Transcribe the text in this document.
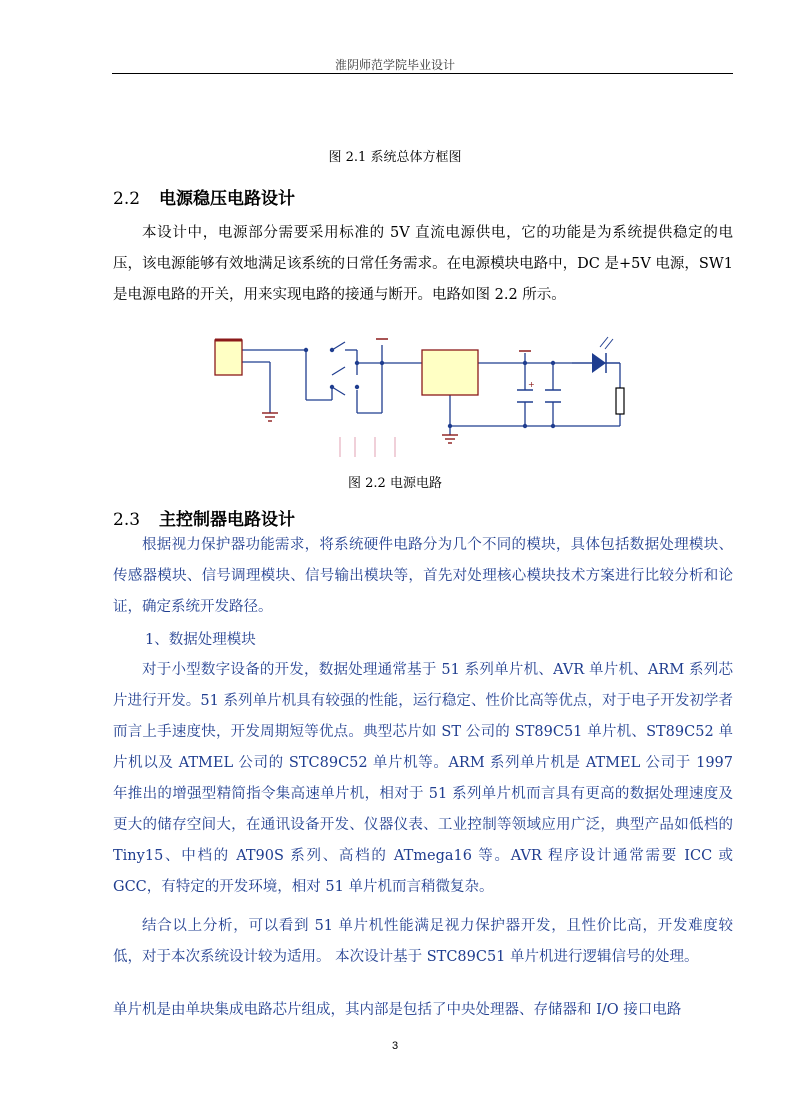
淮阴师范学院毕业设计
图 2.1 系统总体方框图
2.2 电源稳压电路设计

本设计中，电源部分需要采用标准的 5V 直流电源供电，它的功能是为系统提供稳定的电压，该电源能够有效地满足该系统的日常任务需求。在电源模块电路中，DC 是+5V 电源，SW1 是电源电路的开关，用来实现电路的接通与断开。电路如图 2.2 所示。

+
图 2.2 电源电路
2.3 主控制器电路设计

根据视力保护器功能需求，将系统硬件电路分为几个不同的模块，具体包括数据处理模块、传感器模块、信号调理模块、信号输出模块等，首先对处理核心模块技术方案进行比较分析和论证，确定系统开发路径。

1、数据处理模块

对于小型数字设备的开发，数据处理通常基于 51 系列单片机、AVR 单片机、ARM 系列芯片进行开发。51 系列单片机具有较强的性能，运行稳定、性价比高等优点，对于电子开发初学者而言上手速度快，开发周期短等优点。典型芯片如 ST 公司的 ST89C51 单片机、ST89C52 单片机以及 ATMEL 公司的 STC89C52 单片机等。ARM 系列单片机是 ATMEL 公司于 1997 年推出的增强型精简指令集高速单片机，相对于 51 系列单片机而言具有更高的数据处理速度及更大的储存空间大，在通讯设备开发、仪器仪表、工业控制等领域应用广泛，典型产品如低档的 Tiny15、中档的 AT90S 系列、高档的 ATmega16 等。AVR 程序设计通常需要 ICC 或 GCC，有特定的开发环境，相对 51 单片机而言稍微复杂。

结合以上分析，可以看到 51 单片机性能满足视力保护器开发，且性价比高，开发难度较低，对于本次系统设计较为适用。 本次设计基于 STC89C51 单片机进行逻辑信号的处理。

单片机是由单块集成电路芯片组成，其内部是包括了中央处理器、存储器和 I/O 接口电路

3
